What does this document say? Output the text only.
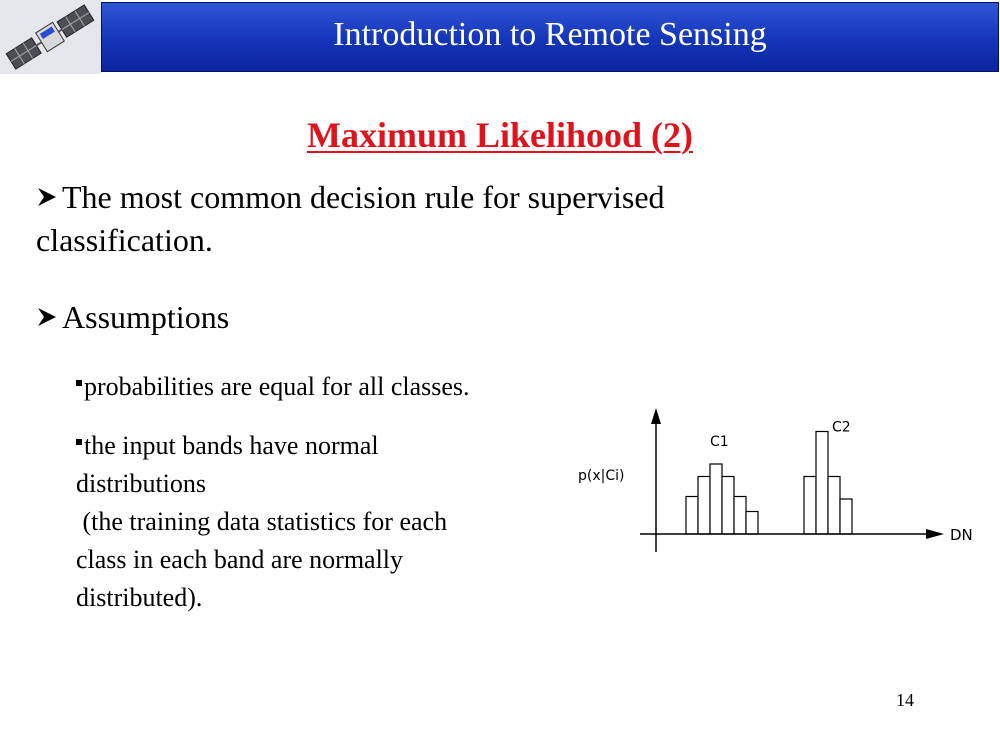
Introduction to Remote Sensing
Maximum Likelihood (2)
The most common decision rule for supervised
classification.
Assumptions
probabilities are equal for all classes.
the input bands have normal
distributions
(the training data statistics for each
class in each band are normally
distributed).
p(x|Ci)
DN
C1
C2
14
